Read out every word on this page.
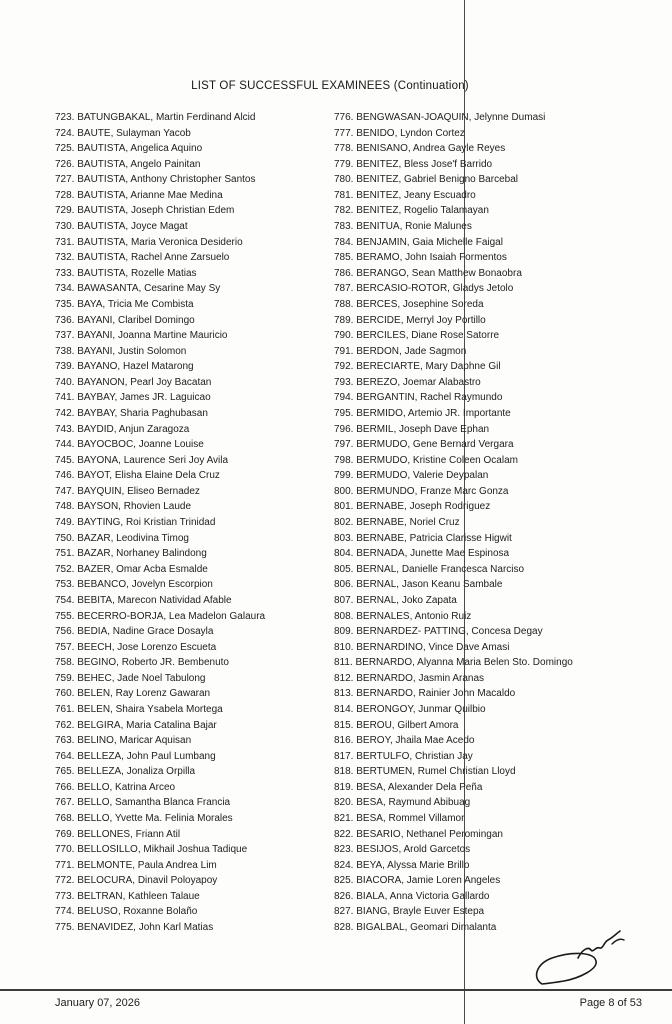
LIST OF SUCCESSFUL EXAMINEES (Continuation)
723. BATUNGBAKAL, Martin Ferdinand Alcid
724. BAUTE, Sulayman Yacob
725. BAUTISTA, Angelica Aquino
726. BAUTISTA, Angelo Painitan
727. BAUTISTA, Anthony Christopher Santos
728. BAUTISTA, Arianne Mae Medina
729. BAUTISTA, Joseph Christian Edem
730. BAUTISTA, Joyce Magat
731. BAUTISTA, Maria Veronica Desiderio
732. BAUTISTA, Rachel Anne Zarsuelo
733. BAUTISTA, Rozelle Matias
734. BAWASANTA, Cesarine May Sy
735. BAYA, Tricia Me Combista
736. BAYANI, Claribel Domingo
737. BAYANI, Joanna Martine Mauricio
738. BAYANI, Justin Solomon
739. BAYANO, Hazel Matarong
740. BAYANON, Pearl Joy Bacatan
741. BAYBAY, James JR. Laguicao
742. BAYBAY, Sharia Paghubasan
743. BAYDID, Anjun Zaragoza
744. BAYOCBOC, Joanne Louise
745. BAYONA, Laurence Seri Joy Avila
746. BAYOT, Elisha Elaine Dela Cruz
747. BAYQUIN, Eliseo Bernadez
748. BAYSON, Rhovien Laude
749. BAYTING, Roi Kristian Trinidad
750. BAZAR, Leodivina Timog
751. BAZAR, Norhaney Balindong
752. BAZER, Omar Acba Esmalde
753. BEBANCO, Jovelyn Escorpion
754. BEBITA, Marecon Natividad Afable
755. BECERRO-BORJA, Lea Madelon Galaura
756. BEDIA, Nadine Grace Dosayla
757. BEECH, Jose Lorenzo Escueta
758. BEGINO, Roberto JR. Bembenuto
759. BEHEC, Jade Noel Tabulong
760. BELEN, Ray Lorenz Gawaran
761. BELEN, Shaira Ysabela Mortega
762. BELGIRA, Maria Catalina Bajar
763. BELINO, Maricar Aquisan
764. BELLEZA, John Paul Lumbang
765. BELLEZA, Jonaliza Orpilla
766. BELLO, Katrina Arceo
767. BELLO, Samantha Blanca Francia
768. BELLO, Yvette Ma. Felinia Morales
769. BELLONES, Friann Atil
770. BELLOSILLO, Mikhail Joshua Tadique
771. BELMONTE, Paula Andrea Lim
772. BELOCURA, Dinavil Poloyapoy
773. BELTRAN, Kathleen Talaue
774. BELUSO, Roxanne Bolaño
775. BENAVIDEZ, John Karl Matias
776. BENGWASAN-JOAQUIN, Jelynne Dumasi
777. BENIDO, Lyndon Cortez
778. BENISANO, Andrea Gayle Reyes
779. BENITEZ, Bless Jose'f Barrido
780. BENITEZ, Gabriel Benigno Barcebal
781. BENITEZ, Jeany Escuadro
782. BENITEZ, Rogelio Talamayan
783. BENITUA, Ronie Malunes
784. BENJAMIN, Gaia Michelle Faigal
785. BERAMO, John Isaiah Formentos
786. BERANGO, Sean Matthew Bonaobra
787. BERCASIO-ROTOR, Gladys Jetolo
788. BERCES, Josephine Soreda
789. BERCIDE, Merryl Joy Portillo
790. BERCILES, Diane Rose Satorre
791. BERDON, Jade Sagmon
792. BERECIARTE, Mary Daphne Gil
793. BEREZO, Joemar Alabastro
794. BERGANTIN, Rachel Raymundo
795. BERMIDO, Artemio JR. Importante
796. BERMIL, Joseph Dave Ephan
797. BERMUDO, Gene Bernard Vergara
798. BERMUDO, Kristine Coleen Ocalam
799. BERMUDO, Valerie Deypalan
800. BERMUNDO, Franze Marc Gonza
801. BERNABE, Joseph Rodriguez
802. BERNABE, Noriel Cruz
803. BERNABE, Patricia Clarisse Higwit
804. BERNADA, Junette Mae Espinosa
805. BERNAL, Danielle Francesca Narciso
806. BERNAL, Jason Keanu Sambale
807. BERNAL, Joko Zapata
808. BERNALES, Antonio Ruiz
809. BERNARDEZ- PATTING, Concesa Degay
810. BERNARDINO, Vince Dave Amasi
811. BERNARDO, Alyanna Maria Belen Sto. Domingo
812. BERNARDO, Jasmin Aranas
813. BERNARDO, Rainier John Macaldo
814. BERONGOY, Junmar Quilbio
815. BEROU, Gilbert Amora
816. BEROY, Jhaila Mae Acedo
817. BERTULFO, Christian Jay
818. BERTUMEN, Rumel Christian Lloyd
819. BESA, Alexander Dela Peña
820. BESA, Raymund Abibuag
821. BESA, Rommel Villamor
822. BESARIO, Nethanel Peromingan
823. BESIJOS, Arold Garcetos
824. BEYA, Alyssa Marie Brillo
825. BIACORA, Jamie Loren Angeles
826. BIALA, Anna Victoria Gallardo
827. BIANG, Brayle Euver Estepa
828. BIGALBAL, Geomari Dimalanta
January 07, 2026	Page 8 of 53
